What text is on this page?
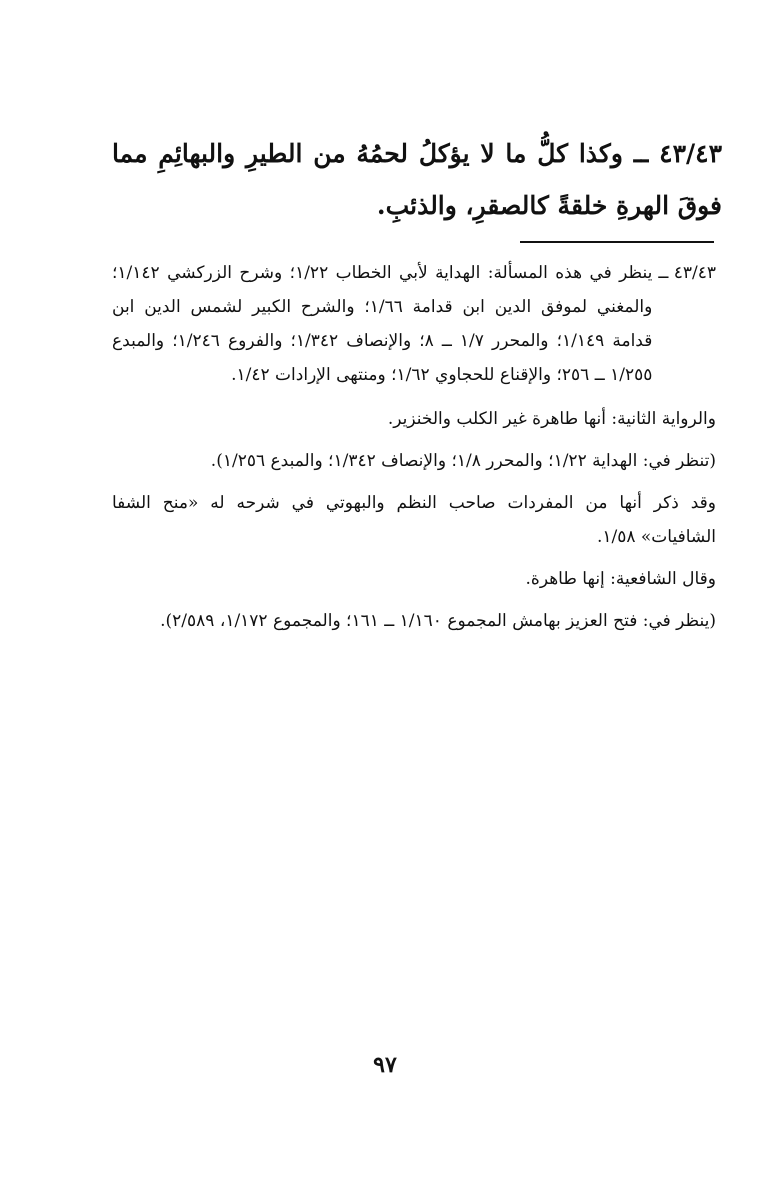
٤٣/٤٣ ــ وكذا كلُّ ما لا يؤكلُ لحمُهُ من الطيرِ والبهائِمِ مما فوقَ الهرةِ خلقةً كالصقرِ، والذئبِ.

٤٣/٤٣ ــ
ينظر في هذه المسألة: الهداية لأبي الخطاب ١/٢٢؛ وشرح الزركشي ١/١٤٢؛ والمغني لموفق الدين ابن قدامة ١/٦٦؛ والشرح الكبير لشمس الدين ابن قدامة ١/١٤٩؛ والمحرر ١/٧ ــ ٨؛ والإنصاف ١/٣٤٢؛ والفروع ١/٢٤٦؛ والمبدع ١/٢٥٥ ــ ٢٥٦؛ والإقناع للحجاوي ١/٦٢؛ ومنتهى الإرادات ١/٤٢.

والرواية الثانية: أنها طاهرة غير الكلب والخنزير.

(تنظر في: الهداية ١/٢٢؛ والمحرر ١/٨؛ والإنصاف ١/٣٤٢؛ والمبدع ١/٢٥٦).

وقد ذكر أنها من المفردات صاحب النظم والبهوتي في شرحه له «منح الشفا الشافيات» ١/٥٨.

وقال الشافعية: إنها طاهرة.

(ينظر في: فتح العزيز بهامش المجموع ١/١٦٠ ــ ١٦١؛ والمجموع ١/١٧٢، ٢/٥٨٩).

٩٧
